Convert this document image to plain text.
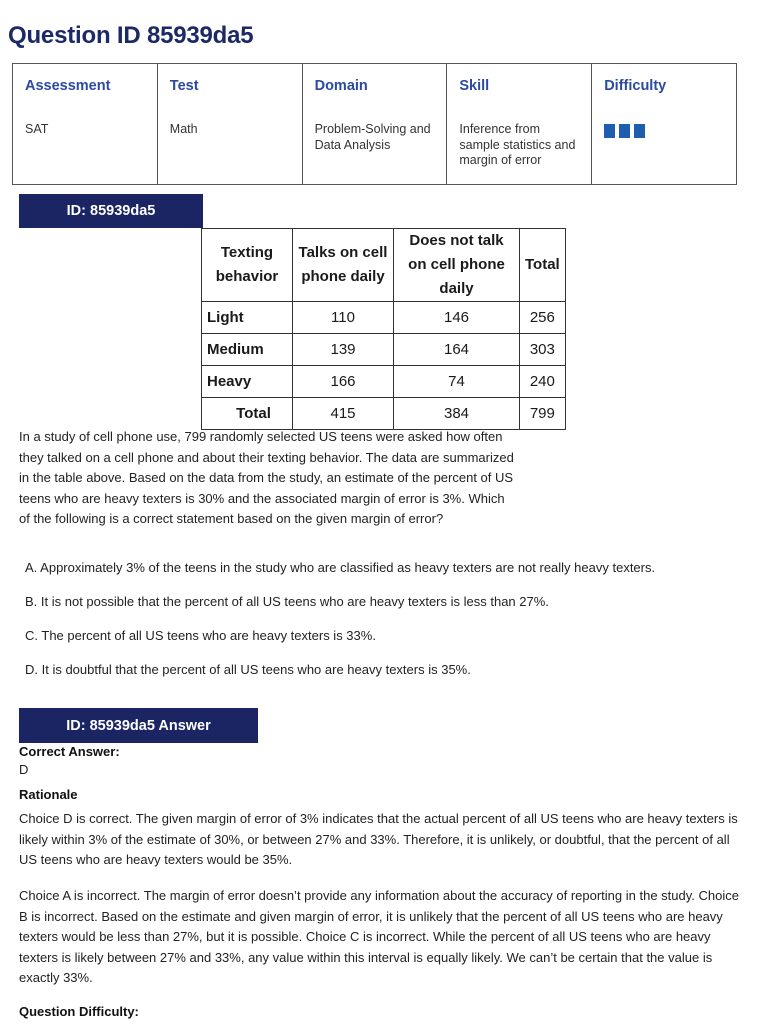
Question ID 85939da5
Assessment
SAT

Test
Math

Domain
Problem-Solving and Data Analysis

Skill
Inference from sample statistics and margin of error

Difficulty
ID: 85939da5
Texting behavior	Talks on cell phone daily	Does not talk on cell phone daily	Total
Light	110	146	256
Medium	139	164	303
Heavy	166	74	240
Total	415	384	799
In a study of cell phone use, 799 randomly selected US teens were asked how often they talked on a cell phone and about their texting behavior. The data are summarized in the table above. Based on the data from the study, an estimate of the percent of US teens who are heavy texters is 30% and the associated margin of error is 3%. Which of the following is a correct statement based on the given margin of error?
A. Approximately 3% of the teens in the study who are classified as heavy texters are not really heavy texters.
B. It is not possible that the percent of all US teens who are heavy texters is less than 27%.
C. The percent of all US teens who are heavy texters is 33%.
D. It is doubtful that the percent of all US teens who are heavy texters is 35%.
ID: 85939da5 Answer
Correct Answer:
D
Rationale
Choice D is correct. The given margin of error of 3% indicates that the actual percent of all US teens who are heavy texters is likely within 3% of the estimate of 30%, or between 27% and 33%. Therefore, it is unlikely, or doubtful, that the percent of all US teens who are heavy texters would be 35%.
Choice A is incorrect. The margin of error doesn’t provide any information about the accuracy of reporting in the study. Choice B is incorrect. Based on the estimate and given margin of error, it is unlikely that the percent of all US teens who are heavy texters would be less than 27%, but it is possible. Choice C is incorrect. While the percent of all US teens who are heavy texters is likely between 27% and 33%, any value within this interval is equally likely. We can’t be certain that the value is exactly 33%.
Question Difficulty:
